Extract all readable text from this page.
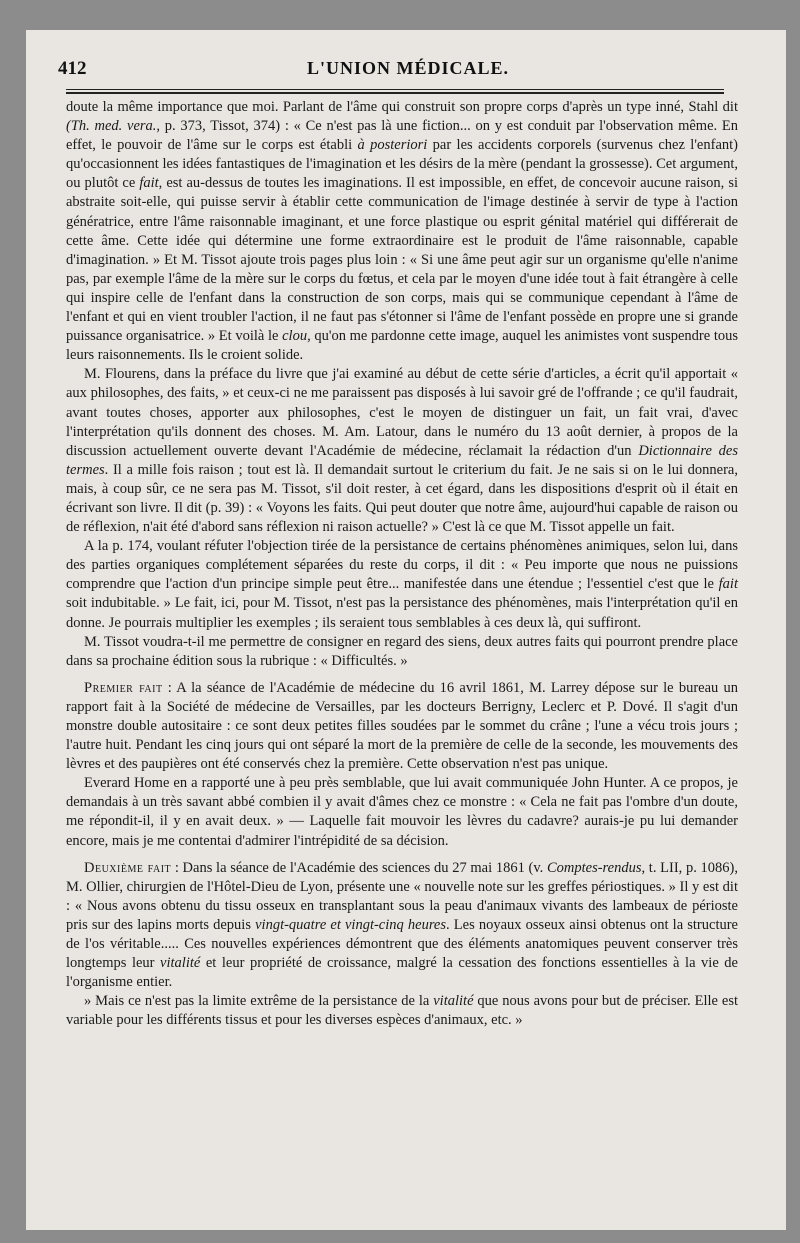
412	L'UNION MÉDICALE.

doute la même importance que moi. Parlant de l'âme qui construit son propre corps d'après un type inné, Stahl dit (Th. med. vera., p. 373, Tissot, 374) : « Ce n'est pas là une fiction... on y est conduit par l'observation même. En effet, le pouvoir de l'âme sur le corps est établi à posteriori par les accidents corporels (survenus chez l'enfant) qu'occasionnent les idées fantastiques de l'imagination et les désirs de la mère (pendant la grossesse). Cet argument, ou plutôt ce fait, est au-dessus de toutes les imaginations. Il est impossible, en effet, de concevoir aucune raison, si abstraite soit-elle, qui puisse servir à établir cette communication de l'image destinée à servir de type à l'action génératrice, entre l'âme raisonnable imaginant, et une force plastique ou esprit génital matériel qui différerait de cette âme. Cette idée qui détermine une forme extraordinaire est le produit de l'âme raisonnable, capable d'imagination. » Et M. Tissot ajoute trois pages plus loin : « Si une âme peut agir sur un organisme qu'elle n'anime pas, par exemple l'âme de la mère sur le corps du fœtus, et cela par le moyen d'une idée tout à fait étrangère à celle qui inspire celle de l'enfant dans la construction de son corps, mais qui se communique cependant à l'âme de l'enfant et qui en vient troubler l'action, il ne faut pas s'étonner si l'âme de l'enfant possède en propre une si grande puissance organisatrice. » Et voilà le clou, qu'on me pardonne cette image, auquel les animistes vont suspendre tous leurs raisonnements. Ils le croient solide.

M. Flourens, dans la préface du livre que j'ai examiné au début de cette série d'articles, a écrit qu'il apportait « aux philosophes, des faits, » et ceux-ci ne me paraissent pas disposés à lui savoir gré de l'offrande ; ce qu'il faudrait, avant toutes choses, apporter aux philosophes, c'est le moyen de distinguer un fait, un fait vrai, d'avec l'interprétation qu'ils donnent des choses. M. Am. Latour, dans le numéro du 13 août dernier, à propos de la discussion actuellement ouverte devant l'Académie de médecine, réclamait la rédaction d'un Dictionnaire des termes. Il a mille fois raison ; tout est là. Il demandait surtout le criterium du fait. Je ne sais si on le lui donnera, mais, à coup sûr, ce ne sera pas M. Tissot, s'il doit rester, à cet égard, dans les dispositions d'esprit où il était en écrivant son livre. Il dit (p. 39) : « Voyons les faits. Qui peut douter que notre âme, aujourd'hui capable de raison ou de réflexion, n'ait été d'abord sans réflexion ni raison actuelle? » C'est là ce que M. Tissot appelle un fait.

A la p. 174, voulant réfuter l'objection tirée de la persistance de certains phénomènes animiques, selon lui, dans des parties organiques complétement séparées du reste du corps, il dit : « Peu importe que nous ne puissions comprendre que l'action d'un principe simple peut être... manifestée dans une étendue ; l'essentiel c'est que le fait soit indubitable. » Le fait, ici, pour M. Tissot, n'est pas la persistance des phénomènes, mais l'interprétation qu'il en donne. Je pourrais multiplier les exemples ; ils seraient tous semblables à ces deux là, qui suffiront.

M. Tissot voudra-t-il me permettre de consigner en regard des siens, deux autres faits qui pourront prendre place dans sa prochaine édition sous la rubrique : « Difficultés. »

Premier fait : A la séance de l'Académie de médecine du 16 avril 1861, M. Larrey dépose sur le bureau un rapport fait à la Société de médecine de Versailles, par les docteurs Berrigny, Leclerc et P. Dové. Il s'agit d'un monstre double autositaire : ce sont deux petites filles soudées par le sommet du crâne ; l'une a vécu trois jours ; l'autre huit. Pendant les cinq jours qui ont séparé la mort de la première de celle de la seconde, les mouvements des lèvres et des paupières ont été conservés chez la première. Cette observation n'est pas unique.

Everard Home en a rapporté une à peu près semblable, que lui avait communiquée John Hunter. A ce propos, je demandais à un très savant abbé combien il y avait d'âmes chez ce monstre : « Cela ne fait pas l'ombre d'un doute, me répondit-il, il y en avait deux. » — Laquelle fait mouvoir les lèvres du cadavre? aurais-je pu lui demander encore, mais je me contentai d'admirer l'intrépidité de sa décision.

Deuxième fait : Dans la séance de l'Académie des sciences du 27 mai 1861 (v. Comptes-rendus, t. LII, p. 1086), M. Ollier, chirurgien de l'Hôtel-Dieu de Lyon, présente une « nouvelle note sur les greffes périostiques. » Il y est dit : « Nous avons obtenu du tissu osseux en transplantant sous la peau d'animaux vivants des lambeaux de périoste pris sur des lapins morts depuis vingt-quatre et vingt-cinq heures. Les noyaux osseux ainsi obtenus ont la structure de l'os véritable..... Ces nouvelles expériences démontrent que des éléments anatomiques peuvent conserver très longtemps leur vitalité et leur propriété de croissance, malgré la cessation des fonctions essentielles à la vie de l'organisme entier.

» Mais ce n'est pas la limite extrême de la persistance de la vitalité que nous avons pour but de préciser. Elle est variable pour les différents tissus et pour les diverses espèces d'animaux, etc. »
